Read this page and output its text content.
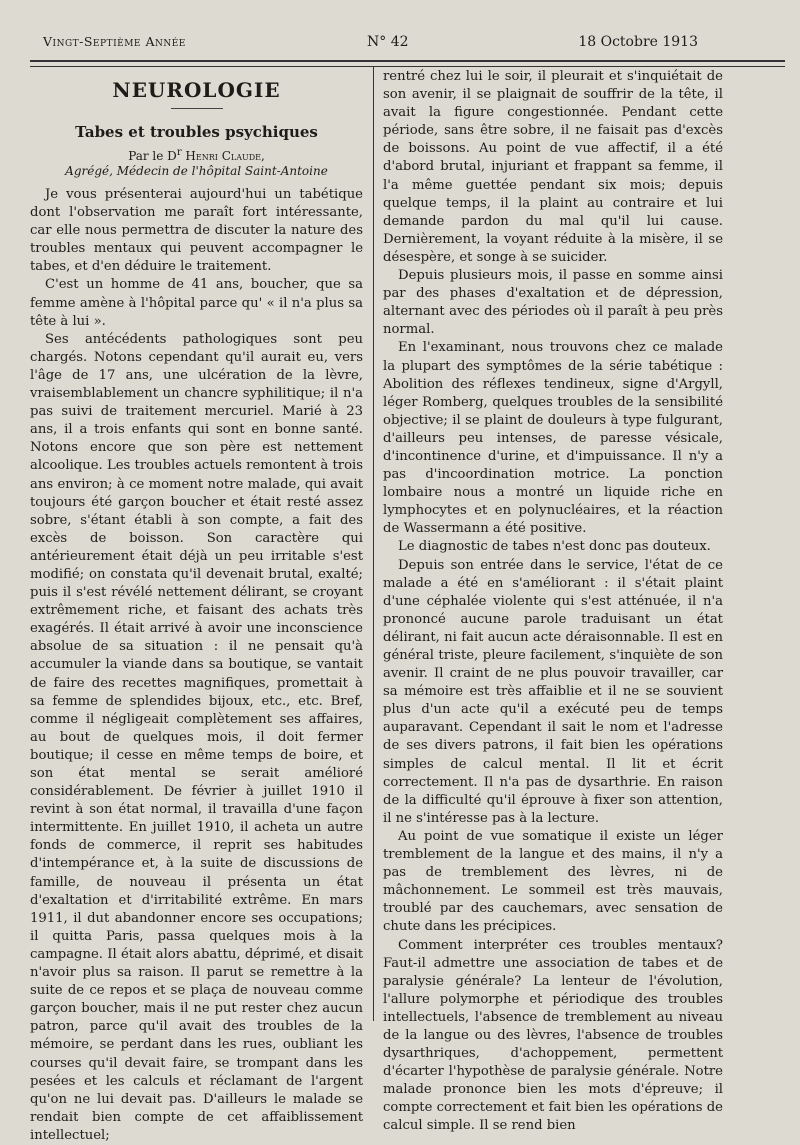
Vingt-Septième Année	N° 42	18 Octobre 1913
NEUROLOGIE
Tabes et troubles psychiques
Par le $D^r$ Henri Claude,
Agrégé, Médecin de l'hôpital Saint-Antoine

Je vous présenterai aujourd'hui un tabétique dont l'observation me paraît fort intéressante, car elle nous permettra de discuter la nature des troubles mentaux qui peuvent accompagner le tabes, et d'en déduire le traitement.

C'est un homme de 41 ans, boucher, que sa femme amène à l'hôpital parce qu' « il n'a plus sa tête à lui ».

Ses antécédents pathologiques sont peu chargés. Notons cependant qu'il aurait eu, vers l'âge de 17 ans, une ulcération de la lèvre, vraisemblablement un chancre syphilitique; il n'a pas suivi de traitement mercuriel. Marié à 23 ans, il a trois enfants qui sont en bonne santé. Notons encore que son père est nettement alcoolique. Les troubles actuels remontent à trois ans environ; à ce moment notre malade, qui avait toujours été garçon boucher et était resté assez sobre, s'étant établi à son compte, a fait des excès de boisson. Son caractère qui antérieurement était déjà un peu irritable s'est modifié; on constata qu'il devenait brutal, exalté; puis il s'est révélé nettement délirant, se croyant extrêmement riche, et faisant des achats très exagérés. Il était arrivé à avoir une inconscience absolue de sa situation : il ne pensait qu'à accumuler la viande dans sa boutique, se vantait de faire des recettes magnifiques, promettait à sa femme de splendides bijoux, etc., etc. Bref, comme il négligeait complètement ses affaires, au bout de quelques mois, il doit fermer boutique; il cesse en même temps de boire, et son état mental se serait amélioré considérablement. De février à juillet 1910 il revint à son état normal, il travailla d'une façon intermittente. En juillet 1910, il acheta un autre fonds de commerce, il reprit ses habitudes d'intempérance et, à la suite de discussions de famille, de nouveau il présenta un état d'exaltation et d'irritabilité extrême. En mars 1911, il dut abandonner encore ses occupations; il quitta Paris, passa quelques mois à la campagne. Il était alors abattu, déprimé, et disait n'avoir plus sa raison. Il parut se remettre à la suite de ce repos et se plaça de nouveau comme garçon boucher, mais il ne put rester chez aucun patron, parce qu'il avait des troubles de la mémoire, se perdant dans les rues, oubliant les courses qu'il devait faire, se trompant dans les pesées et les calculs et réclamant de l'argent qu'on ne lui devait pas. D'ailleurs le malade se rendait bien compte de cet affaiblissement intellectuel;

rentré chez lui le soir, il pleurait et s'inquiétait de son avenir, il se plaignait de souffrir de la tête, il avait la figure congestionnée. Pendant cette période, sans être sobre, il ne faisait pas d'excès de boissons. Au point de vue affectif, il a été d'abord brutal, injuriant et frappant sa femme, il l'a même guettée pendant six mois; depuis quelque temps, il la plaint au contraire et lui demande pardon du mal qu'il lui cause. Dernièrement, la voyant réduite à la misère, il se désespère, et songe à se suicider.

Depuis plusieurs mois, il passe en somme ainsi par des phases d'exaltation et de dépression, alternant avec des périodes où il paraît à peu près normal.

En l'examinant, nous trouvons chez ce malade la plupart des symptômes de la série tabétique : Abolition des réflexes tendineux, signe d'Argyll, léger Romberg, quelques troubles de la sensibilité objective; il se plaint de douleurs à type fulgurant, d'ailleurs peu intenses, de paresse vésicale, d'incontinence d'urine, et d'impuissance. Il n'y a pas d'incoordination motrice. La ponction lombaire nous a montré un liquide riche en lymphocytes et en polynucléaires, et la réaction de Wassermann a été positive.

Le diagnostic de tabes n'est donc pas douteux.

Depuis son entrée dans le service, l'état de ce malade a été en s'améliorant : il s'était plaint d'une céphalée violente qui s'est atténuée, il n'a prononcé aucune parole traduisant un état délirant, ni fait aucun acte déraisonnable. Il est en général triste, pleure facilement, s'inquiète de son avenir. Il craint de ne plus pouvoir travailler, car sa mémoire est très affaiblie et il ne se souvient plus d'un acte qu'il a exécuté peu de temps auparavant. Cependant il sait le nom et l'adresse de ses divers patrons, il fait bien les opérations simples de calcul mental. Il lit et écrit correctement. Il n'a pas de dysarthrie. En raison de la difficulté qu'il éprouve à fixer son attention, il ne s'intéresse pas à la lecture.

Au point de vue somatique il existe un léger tremblement de la langue et des mains, il n'y a pas de tremblement des lèvres, ni de mâchonnement. Le sommeil est très mauvais, troublé par des cauchemars, avec sensation de chute dans les précipices.

Comment interpréter ces troubles mentaux? Faut-il admettre une association de tabes et de paralysie générale? La lenteur de l'évolution, l'allure polymorphe et périodique des troubles intellectuels, l'absence de tremblement au niveau de la langue ou des lèvres, l'absence de troubles dysarthriques, d'achoppement, permettent d'écarter l'hypothèse de paralysie générale. Notre malade prononce bien les mots d'épreuve; il compte correctement et fait bien les opérations de calcul simple. Il se rend bien
